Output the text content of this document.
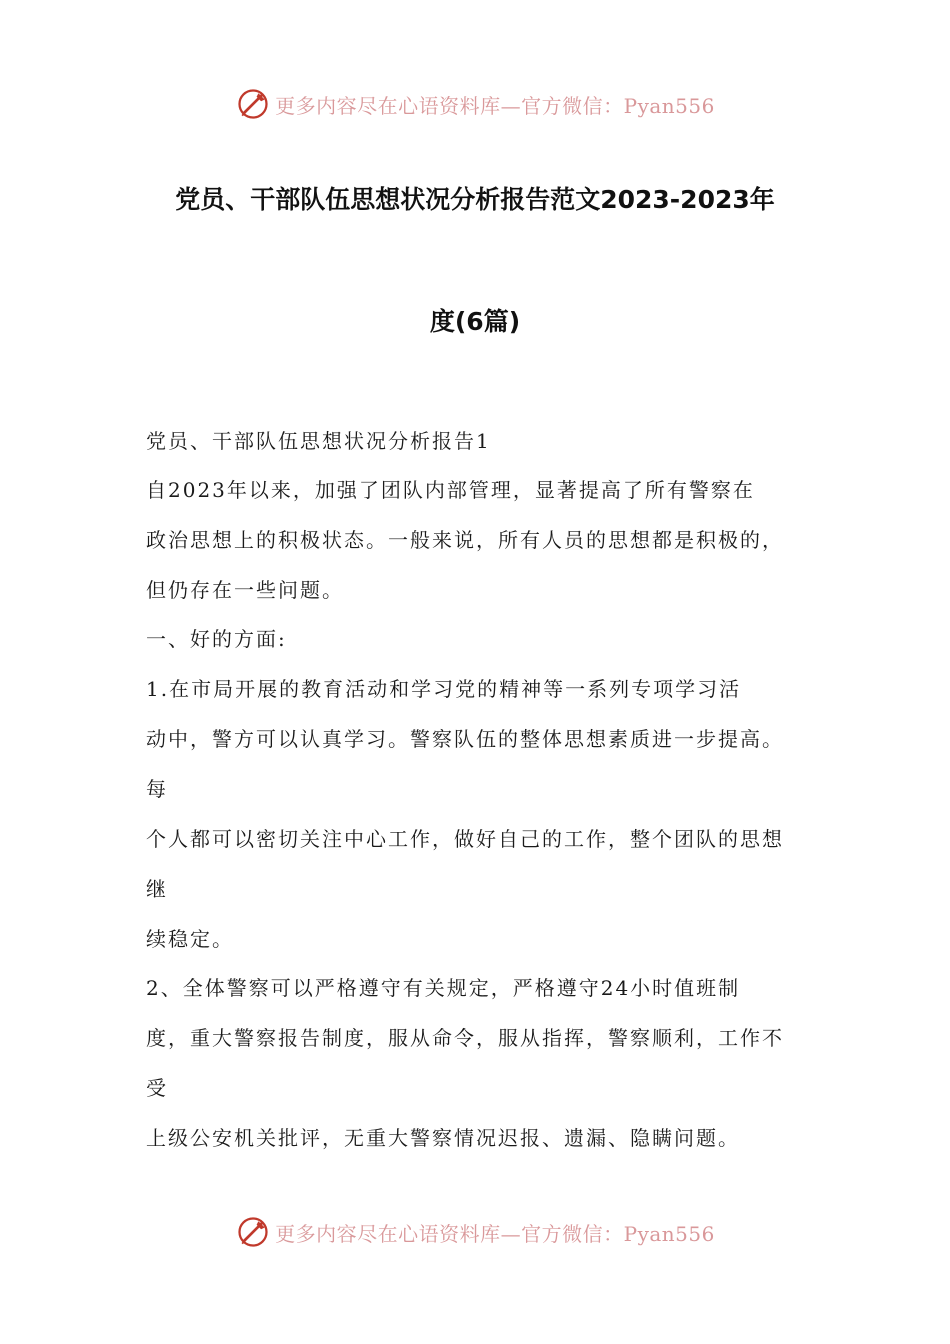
更多内容尽在心语资料库—官方微信：Pyan556
党员、干部队伍思想状况分析报告范文2023-2023年
度(6篇)
党员、干部队伍思想状况分析报告1
自2023年以来，加强了团队内部管理，显著提高了所有警察在
政治思想上的积极状态。一般来说，所有人员的思想都是积极的，
但仍存在一些问题。
一、好的方面:
1.在市局开展的教育活动和学习党的精神等一系列专项学习活
动中，警方可以认真学习。警察队伍的整体思想素质进一步提高。
每
个人都可以密切关注中心工作，做好自己的工作，整个团队的思想
继
续稳定。
2、全体警察可以严格遵守有关规定，严格遵守24小时值班制
度，重大警察报告制度，服从命令，服从指挥，警察顺利，工作不
受
上级公安机关批评，无重大警察情况迟报、遗漏、隐瞒问题。
更多内容尽在心语资料库—官方微信：Pyan556
